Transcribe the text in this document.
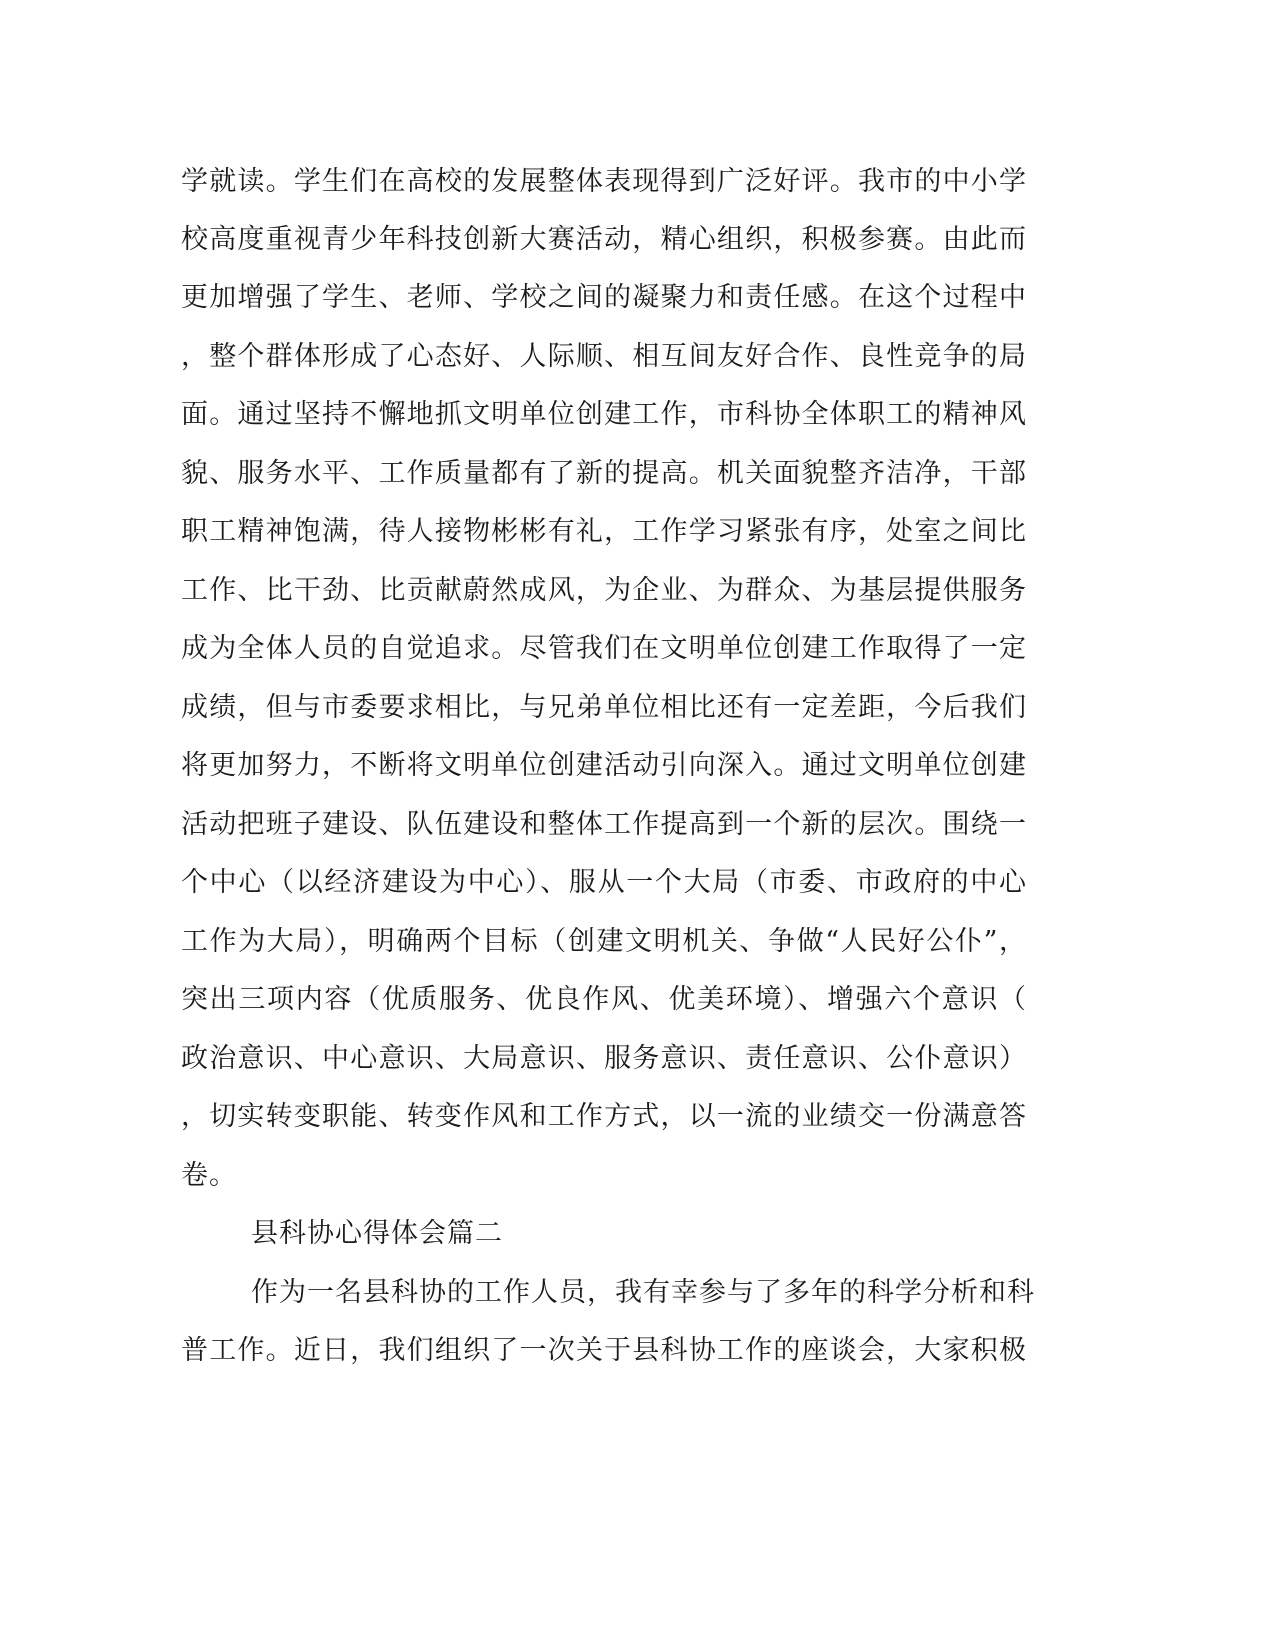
学就读。学生们在高校的发展整体表现得到广泛好评。我市的中小学
校高度重视青少年科技创新大赛活动，精心组织，积极参赛。由此而
更加增强了学生、老师、学校之间的凝聚力和责任感。在这个过程中
，整个群体形成了心态好、人际顺、相互间友好合作、良性竞争的局
面。通过坚持不懈地抓文明单位创建工作，市科协全体职工的精神风
貌、服务水平、工作质量都有了新的提高。机关面貌整齐洁净，干部
职工精神饱满，待人接物彬彬有礼，工作学习紧张有序，处室之间比
工作、比干劲、比贡献蔚然成风，为企业、为群众、为基层提供服务
成为全体人员的自觉追求。尽管我们在文明单位创建工作取得了一定
成绩，但与市委要求相比，与兄弟单位相比还有一定差距，今后我们
将更加努力，不断将文明单位创建活动引向深入。通过文明单位创建
活动把班子建设、队伍建设和整体工作提高到一个新的层次。围绕一
个中心（以经济建设为中心）、服从一个大局（市委、市政府的中心
工作为大局），明确两个目标（创建文明机关、争做“人民好公仆”，
突出三项内容（优质服务、优良作风、优美环境）、增强六个意识（
政治意识、中心意识、大局意识、服务意识、责任意识、公仆意识）
，切实转变职能、转变作风和工作方式，以一流的业绩交一份满意答
卷。
县科协心得体会篇二
作为一名县科协的工作人员，我有幸参与了多年的科学分析和科
普工作。近日，我们组织了一次关于县科协工作的座谈会，大家积极
